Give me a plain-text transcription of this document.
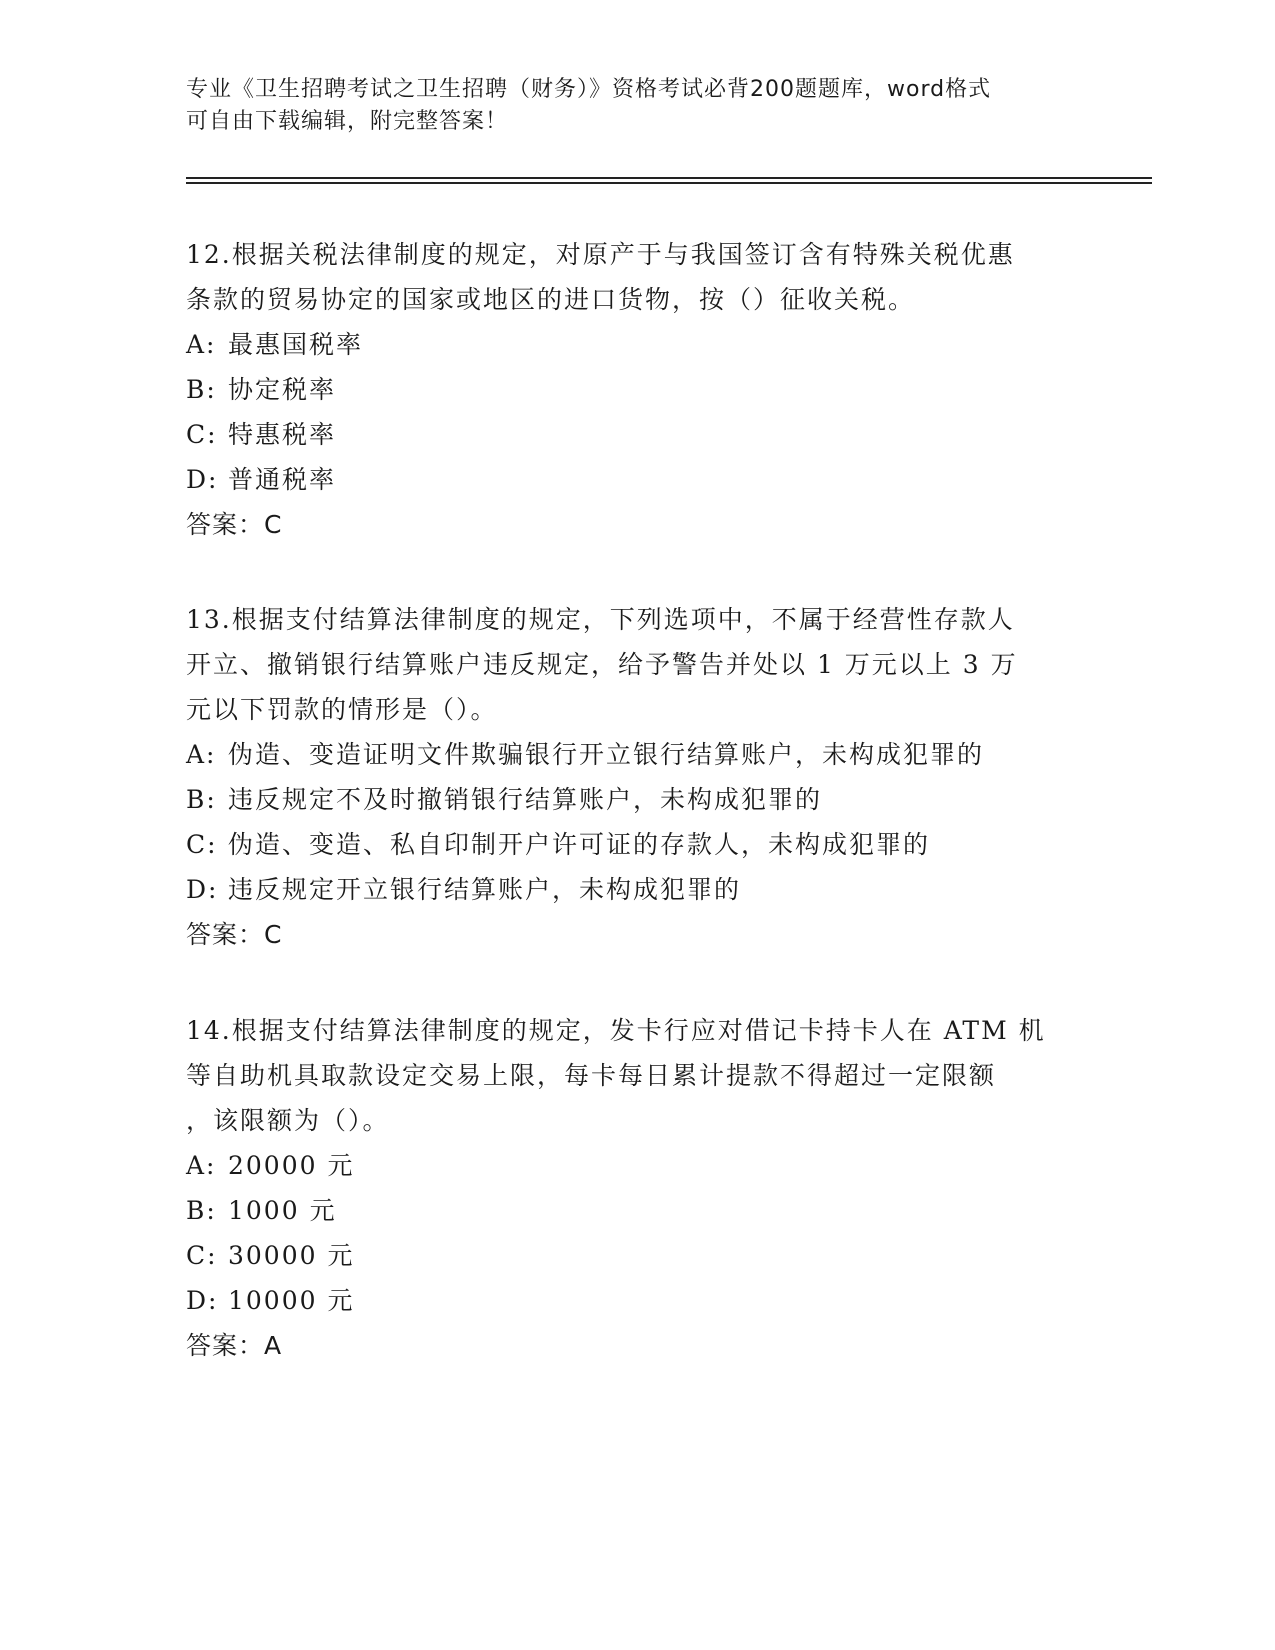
专业《卫生招聘考试之卫生招聘（财务）》资格考试必背200题题库，word格式
可自由下载编辑，附完整答案！
12.根据关税法律制度的规定，对原产于与我国签订含有特殊关税优惠
条款的贸易协定的国家或地区的进口货物，按（）征收关税。
A: 最惠国税率
B: 协定税率
C: 特惠税率
D: 普通税率
答案：C
13.根据支付结算法律制度的规定，下列选项中，不属于经营性存款人
开立、撤销银行结算账户违反规定，给予警告并处以 1 万元以上 3 万
元以下罚款的情形是（）。
A: 伪造、变造证明文件欺骗银行开立银行结算账户，未构成犯罪的
B: 违反规定不及时撤销银行结算账户，未构成犯罪的
C: 伪造、变造、私自印制开户许可证的存款人，未构成犯罪的
D: 违反规定开立银行结算账户，未构成犯罪的
答案：C
14.根据支付结算法律制度的规定，发卡行应对借记卡持卡人在 ATM 机
等自助机具取款设定交易上限，每卡每日累计提款不得超过一定限额
，该限额为（）。
A: 20000 元
B: 1000 元
C: 30000 元
D: 10000 元
答案：A
